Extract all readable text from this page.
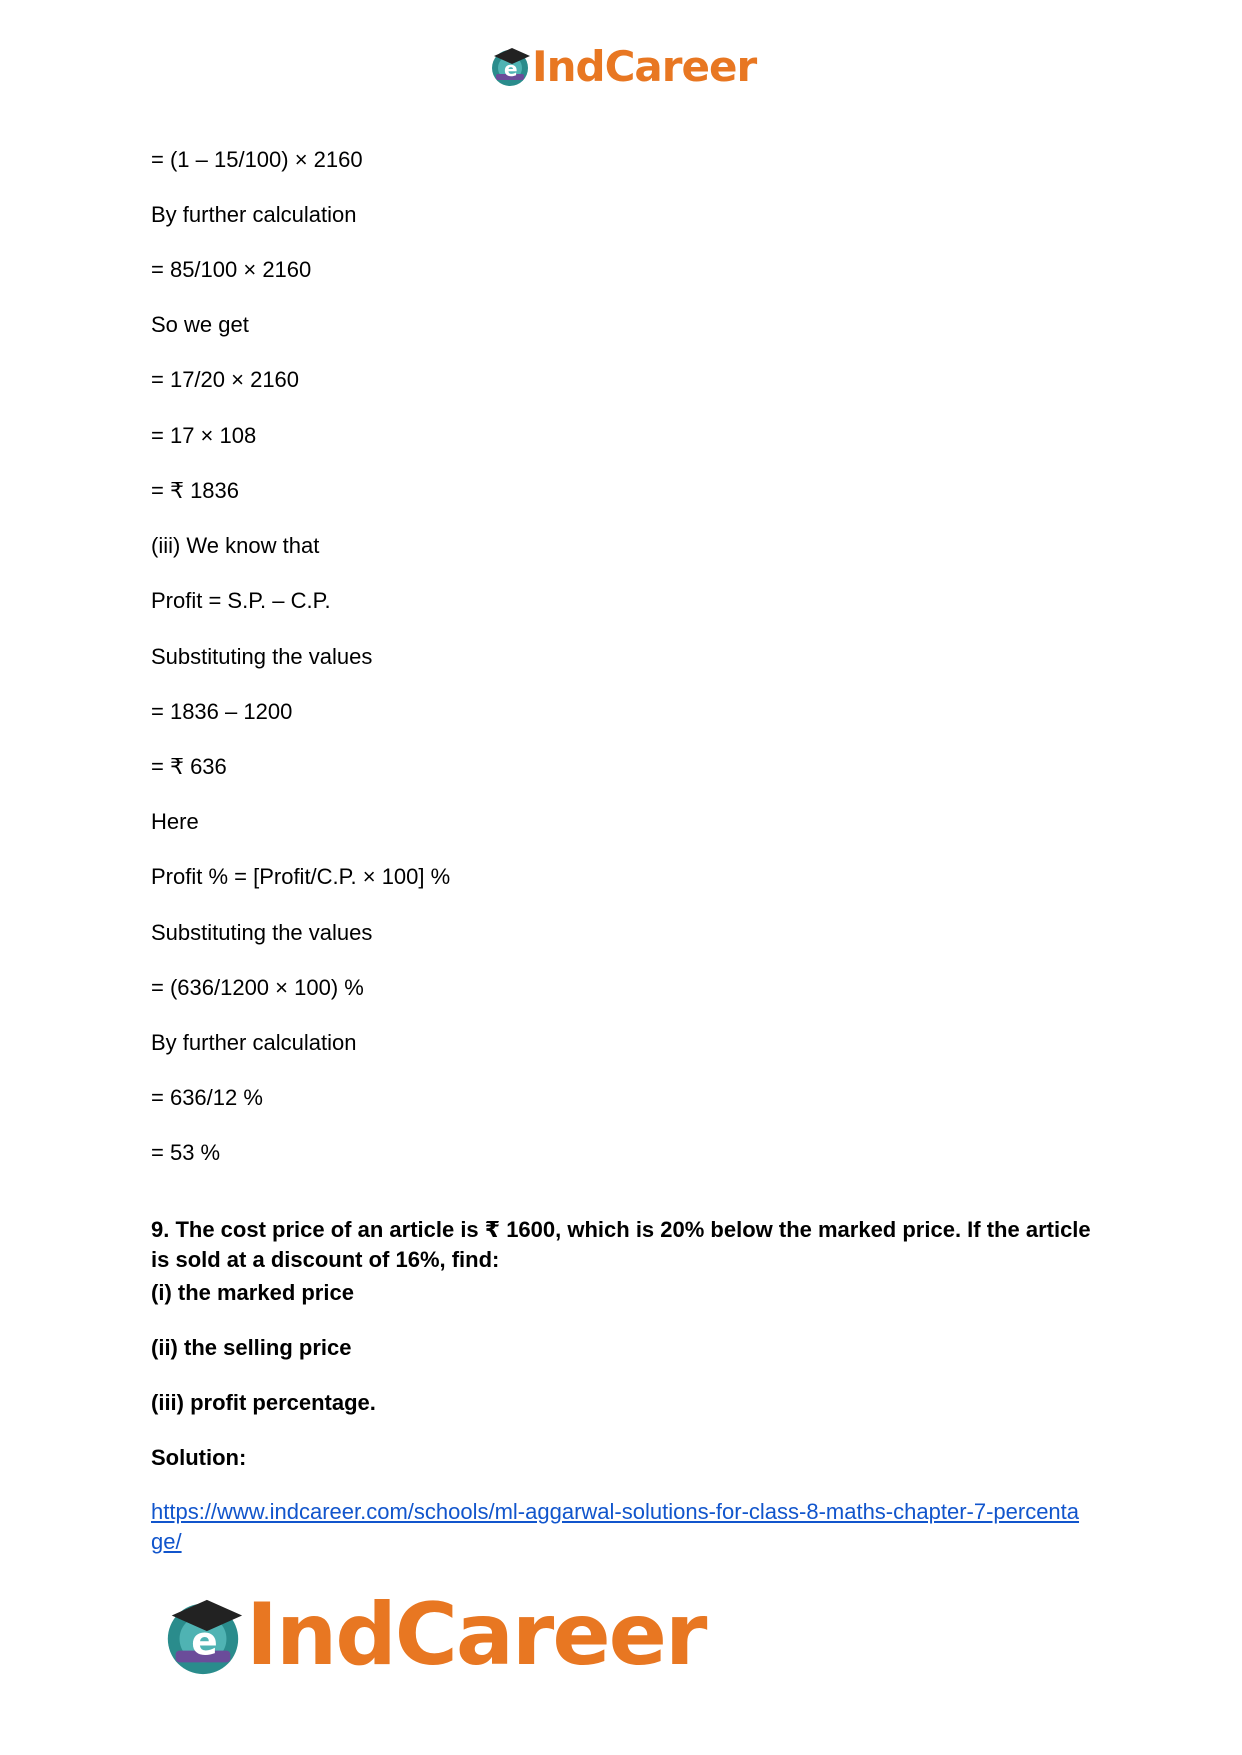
e IndCareer

= (1 – 15/100) × 2160

By further calculation

= 85/100 × 2160

So we get

= 17/20 × 2160

= 17 × 108

= ₹ 1836

(iii) We know that

Profit = S.P. – C.P.

Substituting the values

= 1836 – 1200

= ₹ 636

Here

Profit % = [Profit/C.P. × 100] %

Substituting the values

= (636/1200 × 100) %

By further calculation

= 636/12 %

= 53 %

9. The cost price of an article is ₹ 1600, which is 20% below the marked price. If the article is sold at a discount of 16%, find:

(i) the marked price

(ii) the selling price

(iii) profit percentage.

Solution:

https://www.indcareer.com/schools/ml-aggarwal-solutions-for-class-8-maths-chapter-7-percentage/
e IndCareer
